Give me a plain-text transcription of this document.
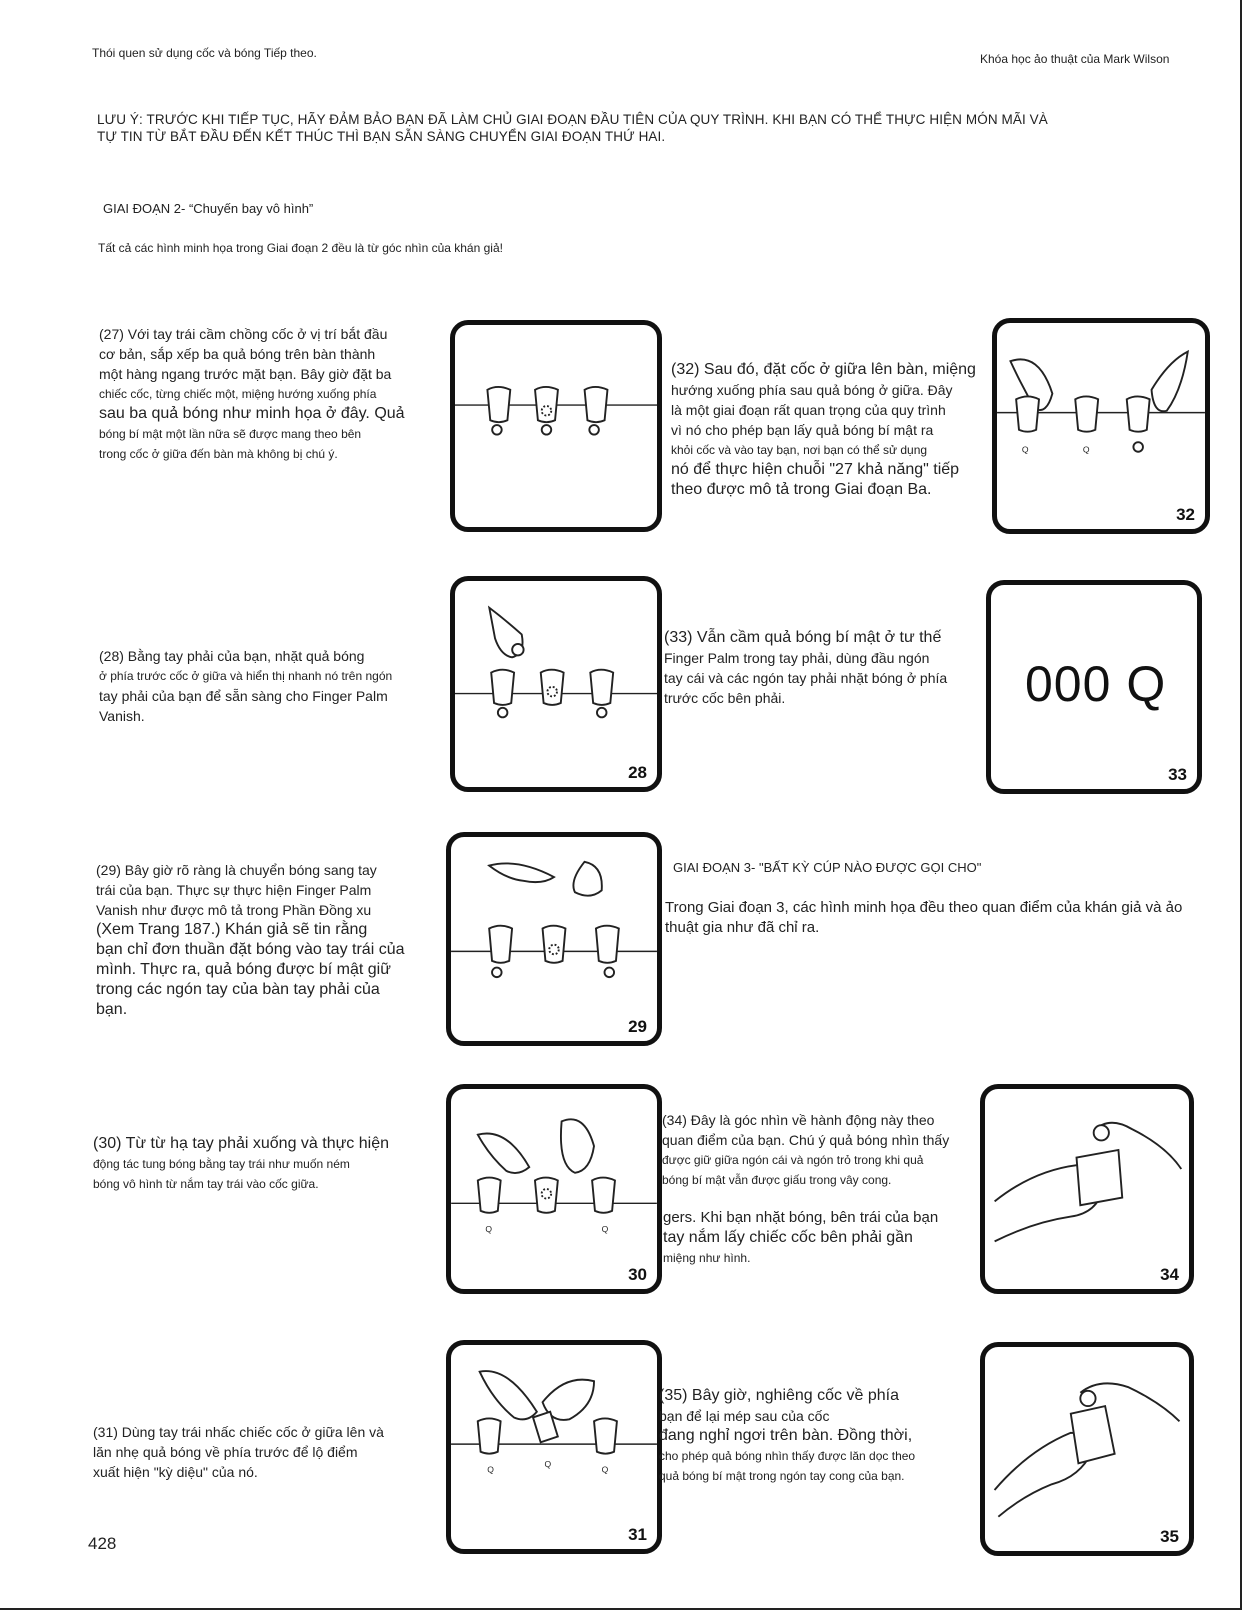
Thói quen sử dụng cốc và bóng Tiếp theo.	Khóa học ảo thuật của Mark Wilson
LƯU Ý: TRƯỚC KHI TIẾP TỤC, HÃY ĐẢM BẢO BẠN ĐÃ LÀM CHỦ GIAI ĐOẠN ĐẦU TIÊN CỦA QUY TRÌNH. KHI BẠN CÓ THỂ THỰC HIỆN MÓN MÃI VÀ
TỰ TIN TỪ BẮT ĐẦU ĐẾN KẾT THÚC THÌ BẠN SẴN SÀNG CHUYỂN GIAI ĐOẠN THỨ HAI.
GIAI ĐOẠN 2- “Chuyến bay vô hình”
Tất cả các hình minh họa trong Giai đoạn 2 đều là từ góc nhìn của khán giả!
(27) Với tay trái cầm chồng cốc ở vị trí bắt đầu
cơ bản, sắp xếp ba quả bóng trên bàn thành
một hàng ngang trước mặt bạn. Bây giờ đặt ba
chiếc cốc, từng chiếc một, miệng hướng xuống phía
sau ba quả bóng như minh họa ở đây. Quả
bóng bí mật một lần nữa sẽ được mang theo bên
trong cốc ở giữa đến bàn mà không bị chú ý.
(28) Bằng tay phải của bạn, nhặt quả bóng
ở phía trước cốc ở giữa và hiển thị nhanh nó trên ngón
tay phải của bạn để sẵn sàng cho Finger Palm
Vanish.
28
(29) Bây giờ rõ ràng là chuyển bóng sang tay
trái của bạn. Thực sự thực hiện Finger Palm
Vanish như được mô tả trong Phần Đồng xu
(Xem Trang 187.) Khán giả sẽ tin rằng
bạn chỉ đơn thuần đặt bóng vào tay trái của
mình. Thực ra, quả bóng được bí mật giữ
trong các ngón tay của bàn tay phải của
bạn.
29
(30) Từ từ hạ tay phải xuống và thực hiện
động tác tung bóng bằng tay trái như muốn ném
bóng vô hình từ nắm tay trái vào cốc giữa.
Q	Q
30
(31) Dùng tay trái nhấc chiếc cốc ở giữa lên và
lăn nhẹ quả bóng về phía trước để lộ điểm
xuất hiện "kỳ diệu" của nó.	Q
Q
Q
31
(32) Sau đó, đặt cốc ở giữa lên bàn, miệng
hướng xuống phía sau quả bóng ở giữa. Đây
là một giai đoạn rất quan trọng của quy trình
vì nó cho phép bạn lấy quả bóng bí mật ra
khỏi cốc và vào tay bạn, nơi bạn có thể sử dụng
nó để thực hiện chuỗi "27 khả năng" tiếp
theo được mô tả trong Giai đoạn Ba.
Q	Q
32
(33) Vẫn cầm quả bóng bí mật ở tư thế
Finger Palm trong tay phải, dùng đầu ngón
tay cái và các ngón tay phải nhặt bóng ở phía
trước cốc bên phải.	000 Q
33
GIAI ĐOẠN 3- "BẤT KỲ CÚP NÀO ĐƯỢC GỌI CHO"
Trong Giai đoạn 3, các hình minh họa đều theo quan điểm của khán giả và ảo
thuật gia như đã chỉ ra.
(34) Đây là góc nhìn về hành động này theo
quan điểm của bạn. Chú ý quả bóng nhìn thấy
được giữ giữa ngón cái và ngón trỏ trong khi quả
bóng bí mật vẫn được giấu trong vây cong.
gers. Khi bạn nhặt bóng, bên trái của bạn
tay nắm lấy chiếc cốc bên phải gần
miệng như hình.
34
(35) Bây giờ, nghiêng cốc về phía
bạn để lại mép sau của cốc
đang nghỉ ngơi trên bàn. Đồng thời,
cho phép quả bóng nhìn thấy được lăn dọc theo
quả bóng bí mật trong ngón tay cong của bạn.
35
428
